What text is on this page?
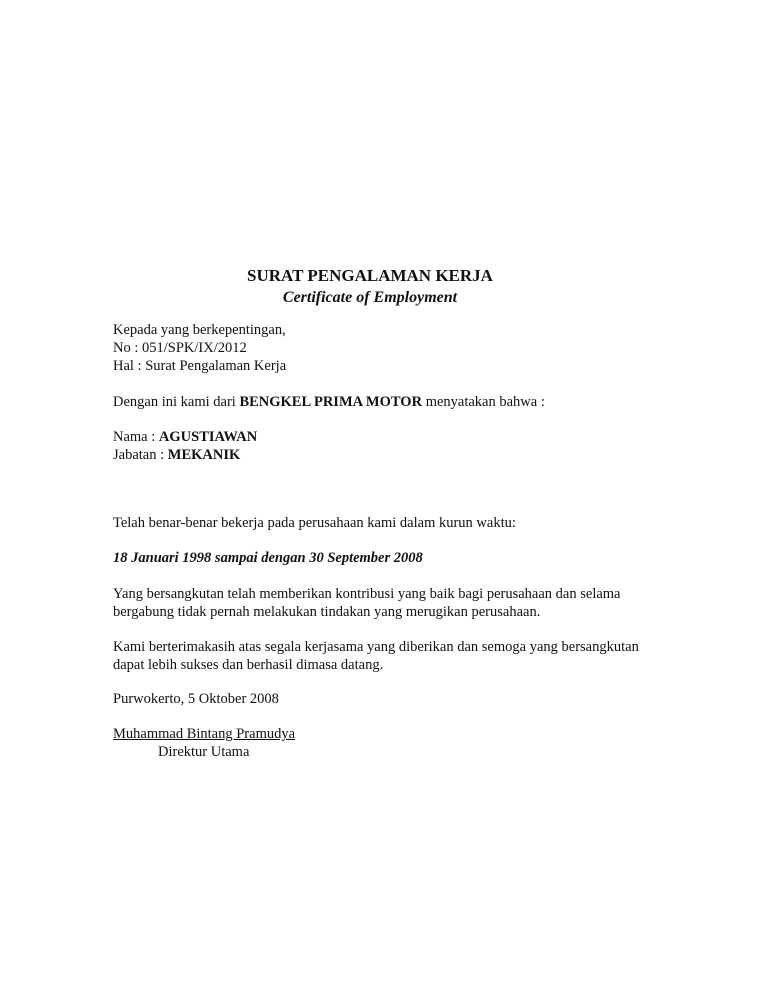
SURAT PENGALAMAN KERJA
Certificate of Employment
Kepada yang berkepentingan,
No : 051/SPK/IX/2012
Hal : Surat Pengalaman Kerja
Dengan ini kami dari BENGKEL PRIMA MOTOR menyatakan bahwa :
Nama : AGUSTIAWAN
Jabatan : MEKANIK
Telah benar-benar bekerja pada perusahaan kami dalam kurun waktu:
18 Januari 1998 sampai dengan 30 September 2008
Yang bersangkutan telah memberikan kontribusi yang baik bagi perusahaan dan selama
bergabung tidak pernah melakukan tindakan yang merugikan perusahaan.
Kami berterimakasih atas segala kerjasama yang diberikan dan semoga yang bersangkutan
dapat lebih sukses dan berhasil dimasa datang.
Purwokerto, 5 Oktober 2008
Muhammad Bintang Pramudya
Direktur Utama
